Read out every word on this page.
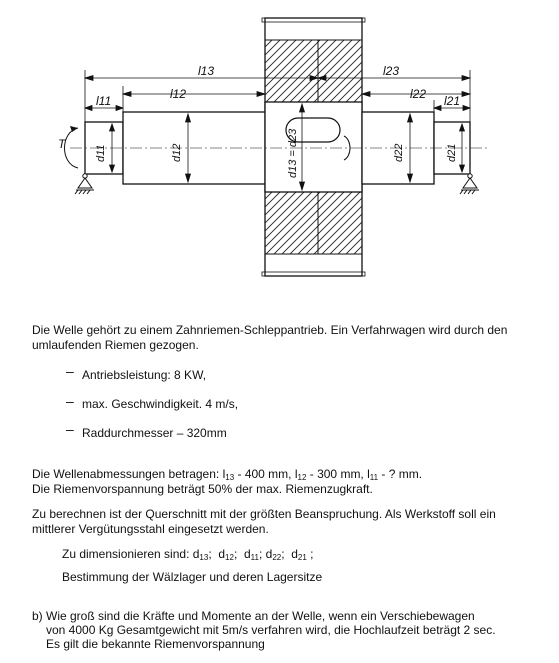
l13
l12
l11
l23
l22 l21
d11	d12	d13 = d23	d22	d21
T
Die Welle gehört zu einem Zahnriemen-Schleppantrieb. Ein Verfahrwagen wird durch den
umlaufenden Riemen gezogen.
– Antriebsleistung: 8 KW,
– max. Geschwindigkeit. 4 m/s,
– Raddurchmesser – 320mm
Die Wellenabmessungen betragen: $l_{13} - 400$ mm, $l_{12} - 300$ mm, $l_{11}$ - ? mm.
Die Riemenvorspannung beträgt 50% der max. Riemenzugkraft.
Zu berechnen ist der Querschnitt mit der größten Beanspruchung. Als Werkstoff soll ein
mittlerer Vergütungsstahl eingesetzt werden.
Zu dimensionieren sind: $d_{13}$;  $d_{12}$;  $d_{11}$; $d_{22}$;  $d_{21}$ ;
Bestimmung der Wälzlager und deren Lagersitze
b) Wie groß sind die Kräfte und Momente an der Welle, wenn ein Verschiebewagen
von 4000 Kg Gesamtgewicht mit 5m/s verfahren wird, die Hochlaufzeit beträgt 2 sec.
Es gilt die bekannte Riemenvorspannung
